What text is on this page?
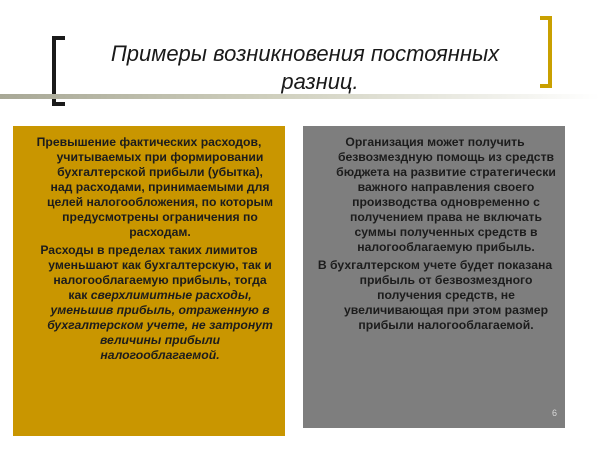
Примеры возникновения постоянных
разниц.

Превышение фактических расходов, учитываемых при формировании бухгалтерской прибыли (убытка), над расходами, принимаемыми для целей налогообложения, по которым предусмотрены ограничения по расходам.

Расходы в пределах таких лимитов уменьшают как бухгалтерскую, так и налогооблагаемую прибыль, тогда как сверхлимитные расходы, уменьшив прибыль, отраженную в бухгалтерском учете, не затронут величины прибыли налогооблагаемой.

Организация может получить безвозмездную помощь из средств бюджета на развитие стратегически важного направления своего производства одновременно с получением права не включать суммы полученных средств в налогооблагаемую прибыль.

В бухгалтерском учете будет показана прибыль от безвозмездного получения средств, не увеличивающая при этом размер прибыли налогооблагаемой.

6
